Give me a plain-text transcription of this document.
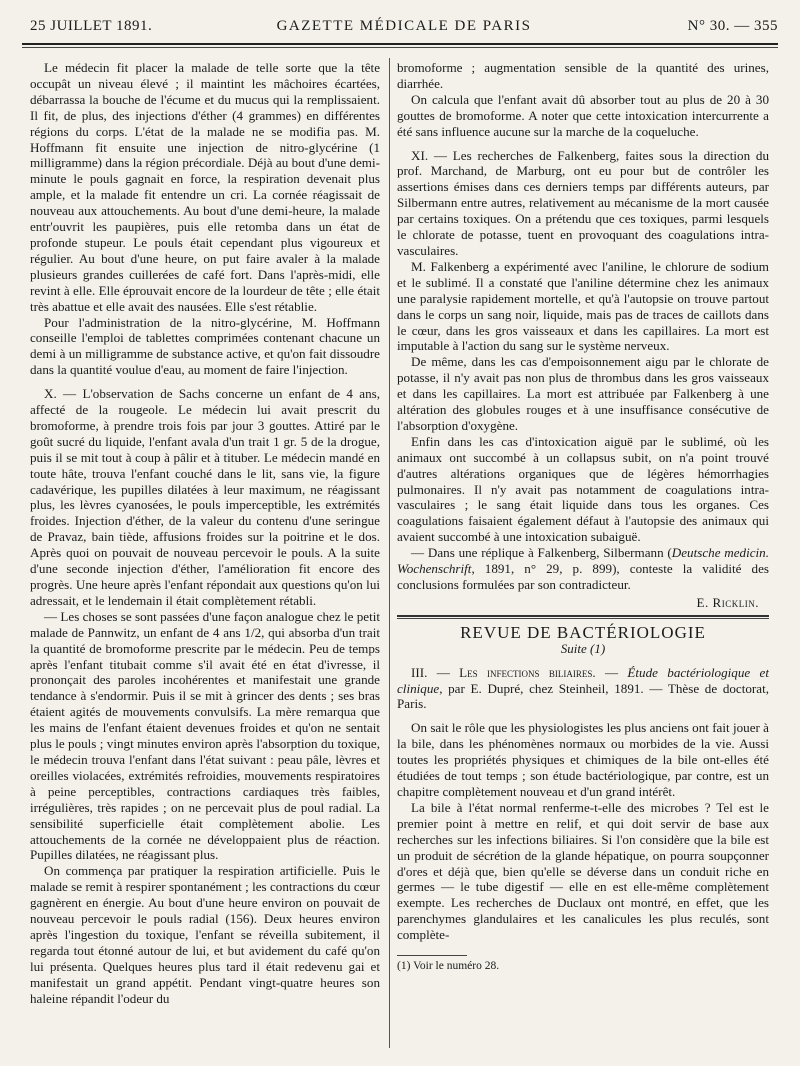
25 JUILLET 1891.	GAZETTE MÉDICALE DE PARIS	N° 30. — 355

Le médecin fit placer la malade de telle sorte que la tête occupât un niveau élevé ; il maintint les mâchoires écartées, débarrassa la bouche de l'écume et du mucus qui la remplissaient. Il fit, de plus, des injections d'éther (4 grammes) en différentes régions du corps. L'état de la malade ne se modifia pas. M. Hoffmann fit ensuite une injection de nitro-glycérine (1 milligramme) dans la région précordiale. Déjà au bout d'une demi-minute le pouls gagnait en force, la respiration devenait plus ample, et la malade fit entendre un cri. La cornée réagissait de nouveau aux attouchements. Au bout d'une demi-heure, la malade entr'ouvrit les paupières, puis elle retomba dans un état de profonde stupeur. Le pouls était cependant plus vigoureux et régulier. Au bout d'une heure, on put faire avaler à la malade plusieurs grandes cuillerées de café fort. Dans l'après-midi, elle revint à elle. Elle éprouvait encore de la lourdeur de tête ; elle était très abattue et elle avait des nausées. Elle s'est rétablie.

Pour l'administration de la nitro-glycérine, M. Hoffmann conseille l'emploi de tablettes comprimées contenant chacune un demi à un milligramme de substance active, et qu'on fait dissoudre dans la quantité voulue d'eau, au moment de faire l'injection.

X. — L'observation de Sachs concerne un enfant de 4 ans, affecté de la rougeole. Le médecin lui avait prescrit du bromoforme, à prendre trois fois par jour 3 gouttes. Attiré par le goût sucré du liquide, l'enfant avala d'un trait 1 gr. 5 de la drogue, puis il se mit tout à coup à pâlir et à tituber. Le médecin mandé en toute hâte, trouva l'enfant couché dans le lit, sans vie, la figure cadavérique, les pupilles dilatées à leur maximum, ne réagissant plus, les lèvres cyanosées, le pouls imperceptible, les extrémités froides. Injection d'éther, de la valeur du contenu d'une seringue de Pravaz, bain tiède, affusions froides sur la poitrine et le dos. Après quoi on pouvait de nouveau percevoir le pouls. A la suite d'une seconde injection d'éther, l'amélioration fit encore des progrès. Une heure après l'enfant répondait aux questions qu'on lui adressait, et le lendemain il était complètement rétabli.

— Les choses se sont passées d'une façon analogue chez le petit malade de Pannwitz, un enfant de 4 ans 1/2, qui absorba d'un trait la quantité de bromoforme prescrite par le médecin. Peu de temps après l'enfant titubait comme s'il avait été en état d'ivresse, il prononçait des paroles incohérentes et manifestait une grande tendance à s'endormir. Puis il se mit à grincer des dents ; ses bras étaient agités de mouvements convulsifs. La mère remarqua que les mains de l'enfant étaient devenues froides et qu'on ne sentait plus le pouls ; vingt minutes environ après l'absorption du toxique, le médecin trouva l'enfant dans l'état suivant : peau pâle, lèvres et oreilles violacées, extrémités refroidies, mouvements respiratoires à peine perceptibles, contractions cardiaques très faibles, irrégulières, très rapides ; on ne percevait plus de poul radial. La sensibilité superficielle était complètement abolie. Les attouchements de la cornée ne développaient plus de réaction. Pupilles dilatées, ne réagissant plus.

On commença par pratiquer la respiration artificielle. Puis le malade se remit à respirer spontanément ; les contractions du cœur gagnèrent en énergie. Au bout d'une heure environ on pouvait de nouveau percevoir le pouls radial (156). Deux heures environ après l'ingestion du toxique, l'enfant se réveilla subitement, il regarda tout étonné autour de lui, et but avidement du café qu'on lui présenta. Quelques heures plus tard il était redevenu gai et manifestait un grand appétit. Pendant vingt-quatre heures son haleine répandit l'odeur du

bromoforme ; augmentation sensible de la quantité des urines, diarrhée.

On calcula que l'enfant avait dû absorber tout au plus de 20 à 30 gouttes de bromoforme. A noter que cette intoxication intercurrente a été sans influence aucune sur la marche de la coqueluche.

XI. — Les recherches de Falkenberg, faites sous la direction du prof. Marchand, de Marburg, ont eu pour but de contrôler les assertions émises dans ces derniers temps par différents auteurs, par Silbermann entre autres, relativement au mécanisme de la mort causée par certains toxiques. On a prétendu que ces toxiques, parmi lesquels le chlorate de potasse, tuent en provoquant des coagulations intra-vasculaires.

M. Falkenberg a expérimenté avec l'aniline, le chlorure de sodium et le sublimé. Il a constaté que l'aniline détermine chez les animaux une paralysie rapidement mortelle, et qu'à l'autopsie on trouve partout dans le corps un sang noir, liquide, mais pas de traces de caillots dans le cœur, dans les gros vaisseaux et dans les capillaires. La mort est imputable à l'action du sang sur le système nerveux.

De même, dans les cas d'empoisonnement aigu par le chlorate de potasse, il n'y avait pas non plus de thrombus dans les gros vaisseaux et dans les capillaires. La mort est attribuée par Falkenberg à une altération des globules rouges et à une insuffisance consécutive de l'absorption d'oxygène.

Enfin dans les cas d'intoxication aiguë par le sublimé, où les animaux ont succombé à un collapsus subit, on n'a point trouvé d'autres altérations organiques que de légères hémorrhagies pulmonaires. Il n'y avait pas notamment de coagulations intra-vasculaires ; le sang était liquide dans tous les organes. Ces coagulations faisaient également défaut à l'autopsie des animaux qui avaient succombé à une intoxication subaiguë.

— Dans une réplique à Falkenberg, Silbermann (Deutsche medicin. Wochenschrift, 1891, n° 29, p. 899), conteste la validité des conclusions formulées par son contradicteur.

E. Ricklin.

REVUE DE BACTÉRIOLOGIE

Suite (1)

III. — Les infections biliaires. — Étude bactériologique et clinique, par E. Dupré, chez Steinheil, 1891. — Thèse de doctorat, Paris.

On sait le rôle que les physiologistes les plus anciens ont fait jouer à la bile, dans les phénomènes normaux ou morbides de la vie. Aussi toutes les propriétés physiques et chimiques de la bile ont-elles été étudiées de tout temps ; son étude bactériologique, par contre, est un chapitre complètement nouveau et d'un grand intérêt.

La bile à l'état normal renferme-t-elle des microbes ? Tel est le premier point à mettre en relif, et qui doit servir de base aux recherches sur les infections biliaires. Si l'on considère que la bile est un produit de sécrétion de la glande hépatique, on pourra soupçonner d'ores et déjà que, bien qu'elle se déverse dans un conduit riche en germes — le tube digestif — elle en est elle-même complètement exempte. Les recherches de Duclaux ont montré, en effet, que les parenchymes glandulaires et les canalicules les plus reculés, sont complète-

(1) Voir le numéro 28.
